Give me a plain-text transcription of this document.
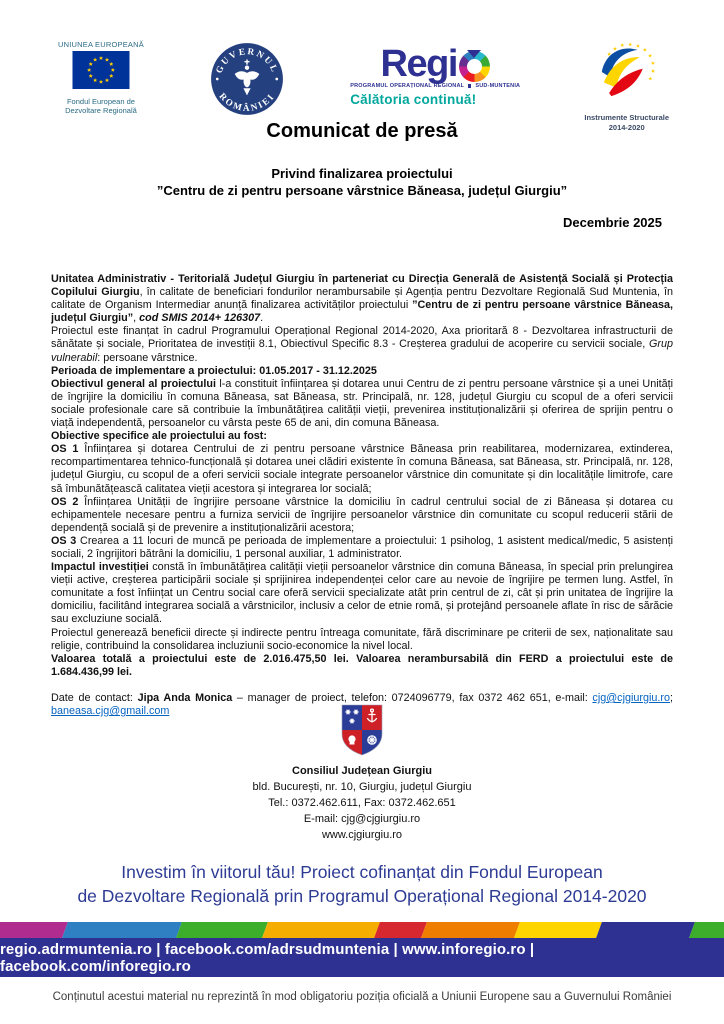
UNIUNEA EUROPEANĂ
Fondul European de
Dezvoltare Regională
GUVERNUL
ROMÂNIEI
Regi
PROGRAMUL OPERAȚIONAL REGIONAL SUD-MUNTENIA
Călătoria continuă!
Instrumente Structurale
2014-2020
Comunicat de presă
Privind finalizarea proiectului
”Centru de zi pentru persoane vârstnice Băneasa, județul Giurgiu”
Decembrie 2025

Unitatea Administrativ - Teritorială Județul Giurgiu în parteneriat cu Direcția Generală de Asistență Socială și Protecția Copilului Giurgiu, în calitate de beneficiari fondurilor nerambursabile și Agenția pentru Dezvoltare Regională Sud Muntenia, în calitate de Organism Intermediar anunță finalizarea activităților proiectului ”Centru de zi pentru persoane vârstnice Băneasa, județul Giurgiu”, cod SMIS 2014+ 126307.

Proiectul este finanțat în cadrul Programului Operațional Regional 2014-2020, Axa prioritară 8 - Dezvoltarea infrastructurii de sănătate și sociale, Prioritatea de investiții 8.1, Obiectivul Specific 8.3 - Creșterea gradului de acoperire cu servicii sociale, Grup vulnerabil: persoane vârstnice.

Perioada de implementare a proiectului: 01.05.2017 - 31.12.2025

Obiectivul general al proiectului l-a constituit înființarea și dotarea unui Centru de zi pentru persoane vârstnice și a unei Unități de îngrijire la domiciliu în comuna Băneasa, sat Băneasa, str. Principală, nr. 128, județul Giurgiu cu scopul de a oferi servicii sociale profesionale care să contribuie la îmbunătățirea calității vieții, prevenirea instituționalizării și oferirea de sprijin pentru o viață independentă, persoanelor cu vârsta peste 65 de ani, din comuna Băneasa.

Obiective specifice ale proiectului au fost:

OS 1 Înființarea și dotarea Centrului de zi pentru persoane vârstnice Băneasa prin reabilitarea, modernizarea, extinderea, recompartimentarea tehnico-funcțională și dotarea unei clădiri existente în comuna Băneasa, sat Băneasa, str. Principală, nr. 128, județul Giurgiu, cu scopul de a oferi servicii sociale integrate persoanelor vârstnice din comunitate și din localitățile limitrofe, care să îmbunătățească calitatea vieții acestora și integrarea lor socială;

OS 2 Înființarea Unității de îngrijire persoane vârstnice la domiciliu în cadrul centrului social de zi Băneasa și dotarea cu echipamentele necesare pentru a furniza servicii de îngrijire persoanelor vârstnice din comunitate cu scopul reducerii stării de dependență socială și de prevenire a instituționalizării acestora;

OS 3 Crearea a 11 locuri de muncă pe perioada de implementare a proiectului: 1 psiholog, 1 asistent medical/medic, 5 asistenți sociali, 2 îngrijitori bătrâni la domiciliu, 1 personal auxiliar, 1 administrator.

Impactul investiției constă în îmbunătățirea calității vieții persoanelor vârstnice din comuna Băneasa, în special prin prelungirea vieții active, creșterea participării sociale și sprijinirea independenței celor care au nevoie de îngrijire pe termen lung. Astfel, în comunitate a fost înființat un Centru social care oferă servicii specializate atât prin centrul de zi, cât și prin unitatea de îngrijire la domiciliu, facilitând integrarea socială a vârstnicilor, inclusiv a celor de etnie romă, și protejând persoanele aflate în risc de sărăcie sau excluziune socială.

Proiectul generează beneficii directe și indirecte pentru întreaga comunitate, fără discriminare pe criterii de sex, naționalitate sau religie, contribuind la consolidarea incluziunii socio-economice la nivel local.

Valoarea totală a proiectului este de 2.016.475,50 lei. Valoarea nerambursabilă din FERD a proiectului este de 1.684.436,99 lei.

Date de contact: Jipa Anda Monica – manager de proiect, telefon: 0724096779, fax 0372 462 651, e-mail: cjg@cjgiurgiu.ro; baneasa.cjg@gmail.com

Consiliul Județean Giurgiu
bld. București, nr. 10, Giurgiu, județul Giurgiu
Tel.: 0372.462.611, Fax: 0372.462.651
E-mail: cjg@cjgiurgiu.ro
www.cjgiurgiu.ro
Investim în viitorul tău! Proiect cofinanțat din Fondul European
de Dezvoltare Regională prin Programul Operațional Regional 2014-2020
regio.adrmuntenia.ro | facebook.com/adrsudmuntenia | www.inforegio.ro | facebook.com/inforegio.ro
Conținutul acestui material nu reprezintă în mod obligatoriu poziția oficială a Uniunii Europene sau a Guvernului României
